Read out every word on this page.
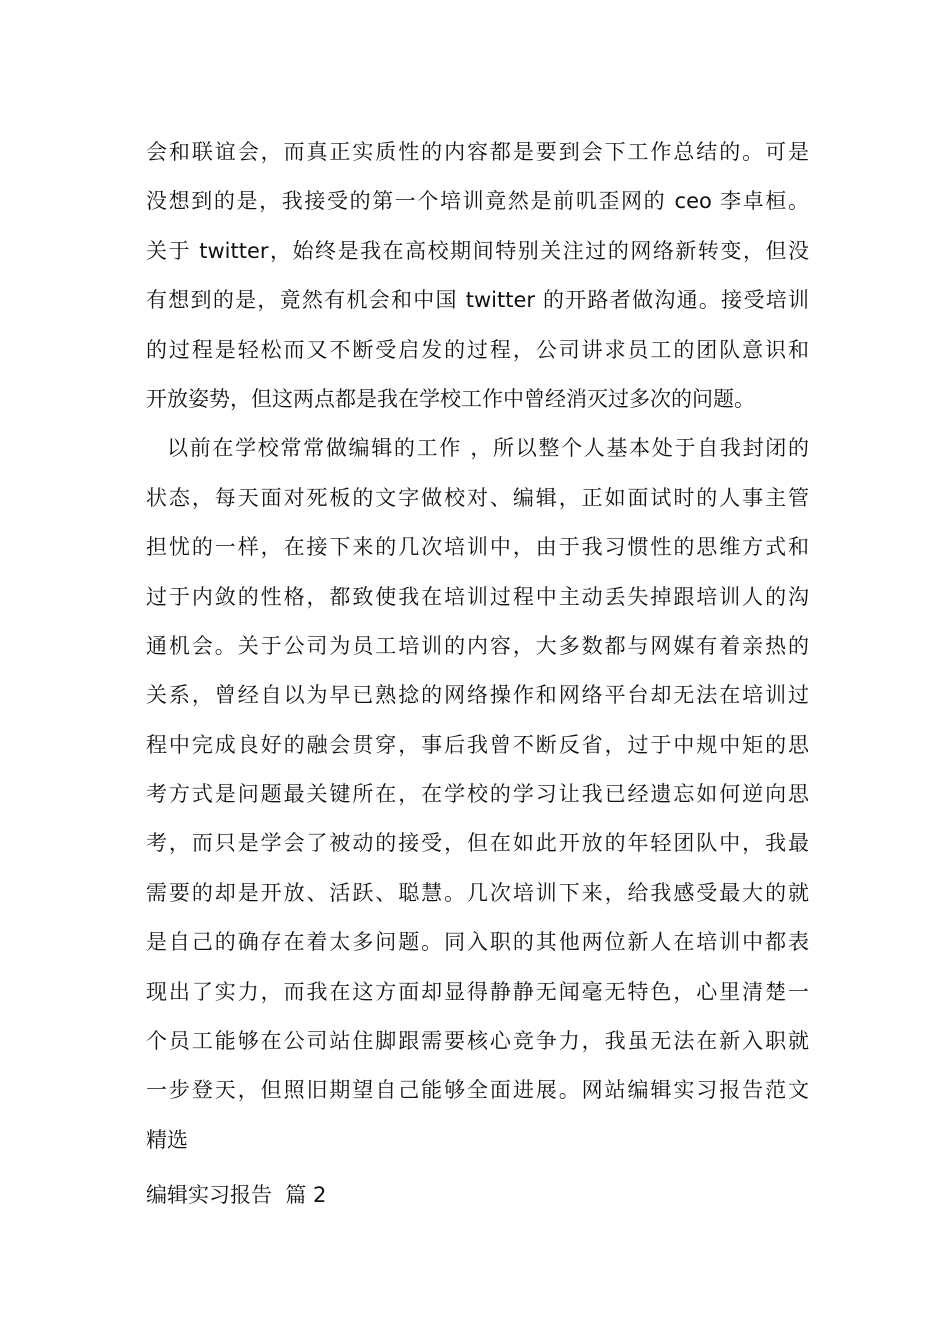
会和联谊会，而真正实质性的内容都是要到会下工作总结的。可是
没想到的是，我接受的第一个培训竟然是前叽歪网的 ceo 李卓桓。
关于 twitter，始终是我在高校期间特别关注过的网络新转变，但没
有想到的是，竟然有机会和中国 twitter 的开路者做沟通。接受培训
的过程是轻松而又不断受启发的过程，公司讲求员工的团队意识和
开放姿势，但这两点都是我在学校工作中曾经消灭过多次的问题。
以前在学校常常做编辑的工作 ，所以整个人基本处于自我封闭的
状态，每天面对死板的文字做校对、编辑，正如面试时的人事主管
担忧的一样，在接下来的几次培训中，由于我习惯性的思维方式和
过于内敛的性格，都致使我在培训过程中主动丢失掉跟培训人的沟
通机会。关于公司为员工培训的内容，大多数都与网媒有着亲热的
关系，曾经自以为早已熟捻的网络操作和网络平台却无法在培训过
程中完成良好的融会贯穿，事后我曾不断反省，过于中规中矩的思
考方式是问题最关键所在，在学校的学习让我已经遗忘如何逆向思
考，而只是学会了被动的接受，但在如此开放的年轻团队中，我最
需要的却是开放、活跃、聪慧。几次培训下来，给我感受最大的就
是自己的确存在着太多问题。同入职的其他两位新人在培训中都表
现出了实力，而我在这方面却显得静静无闻毫无特色，心里清楚一
个员工能够在公司站住脚跟需要核心竞争力，我虽无法在新入职就
一步登天，但照旧期望自己能够全面进展。网站编辑实习报告范文
精选
编辑实习报告  篇 2
